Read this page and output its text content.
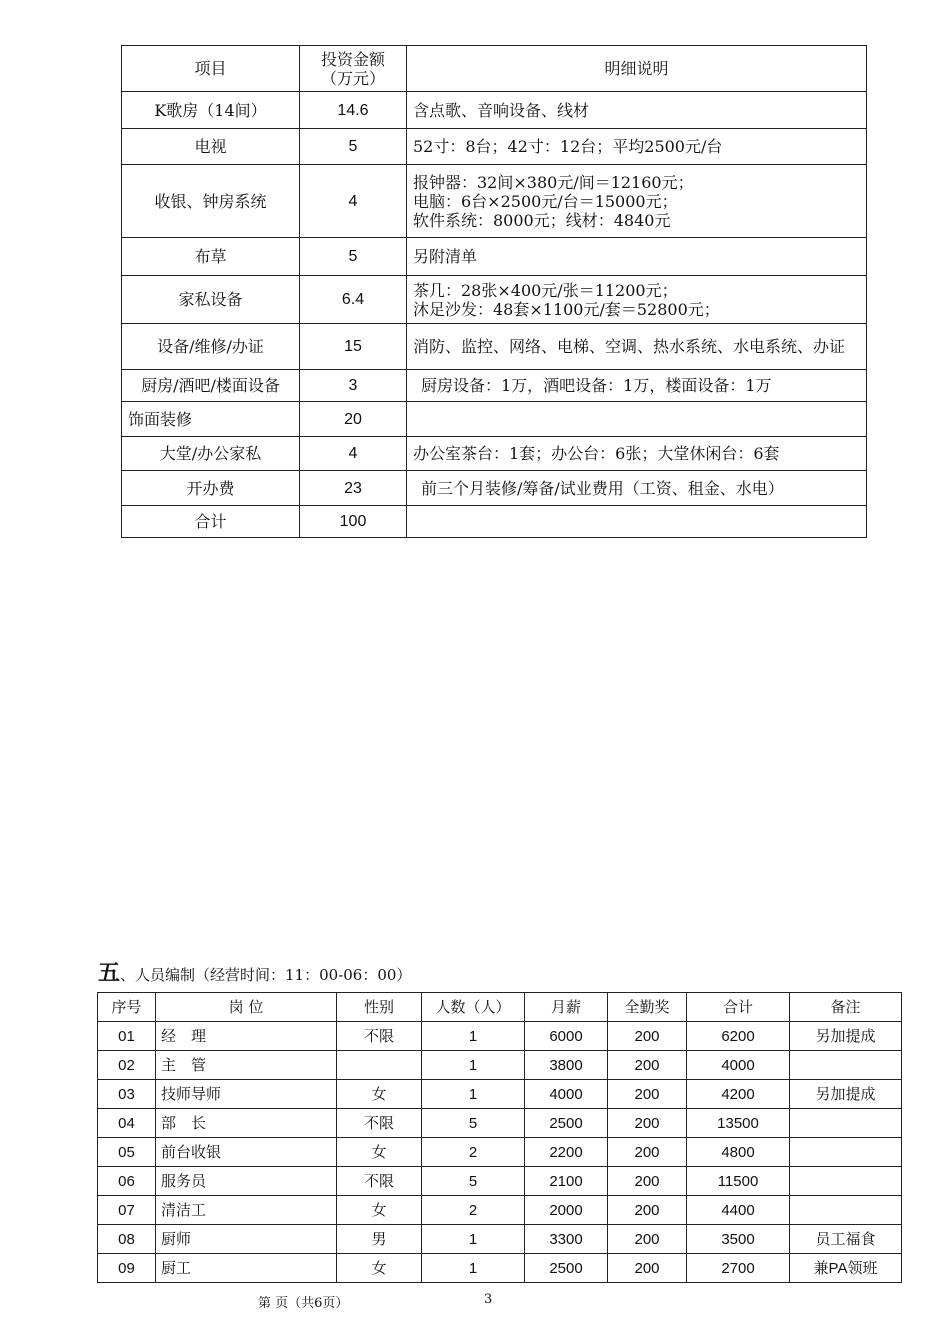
项目	投资金额（万元）	明细说明
K歌房（14间）	14.6	含点歌、音响设备、线材

电视	5	52寸：8台；42寸：12台；平均2500元/台

收银、钟房系统	4	报钟器：32间×380元/间＝12160元；
电脑：6台×2500元/台＝15000元；
软件系统：8000元；线材：4840元

布草	5	另附清单

家私设备	6.4	茶几：28张×400元/张＝11200元；
沐足沙发：48套×1100元/套＝52800元；

设备/维修/办证	15	消防、监控、网络、电梯、空调、热水系统、水电系统、办证

厨房/酒吧/楼面设备	3	厨房设备：1万，酒吧设备：1万，楼面设备：1万

饰面装修	20	

大堂/办公家私	4	办公室茶台：1套；办公台：6张；大堂休闲台：6套

开办费	23	前三个月装修/筹备/试业费用（工资、租金、水电）

合计	100	
五、人员编制（经营时间：11：00-06：00）
序号	岗 位	性别	人数（人）	月薪	全勤奖	合计	备注
01	经　理	不限	1	6000	200	6200	另加提成
02	主　管		1	3800	200	4000	
03	技师导师	女	1	4000	200	4200	另加提成
04	部　长	不限	5	2500	200	13500	
05	前台收银	女	2	2200	200	4800	
06	服务员	不限	5	2100	200	11500	
07	清洁工	女	2	2000	200	4400	
08	厨师	男	1	3300	200	3500	员工福食
09	厨工	女	1	2500	200	2700	兼PA领班
第 页（共6页）	3
